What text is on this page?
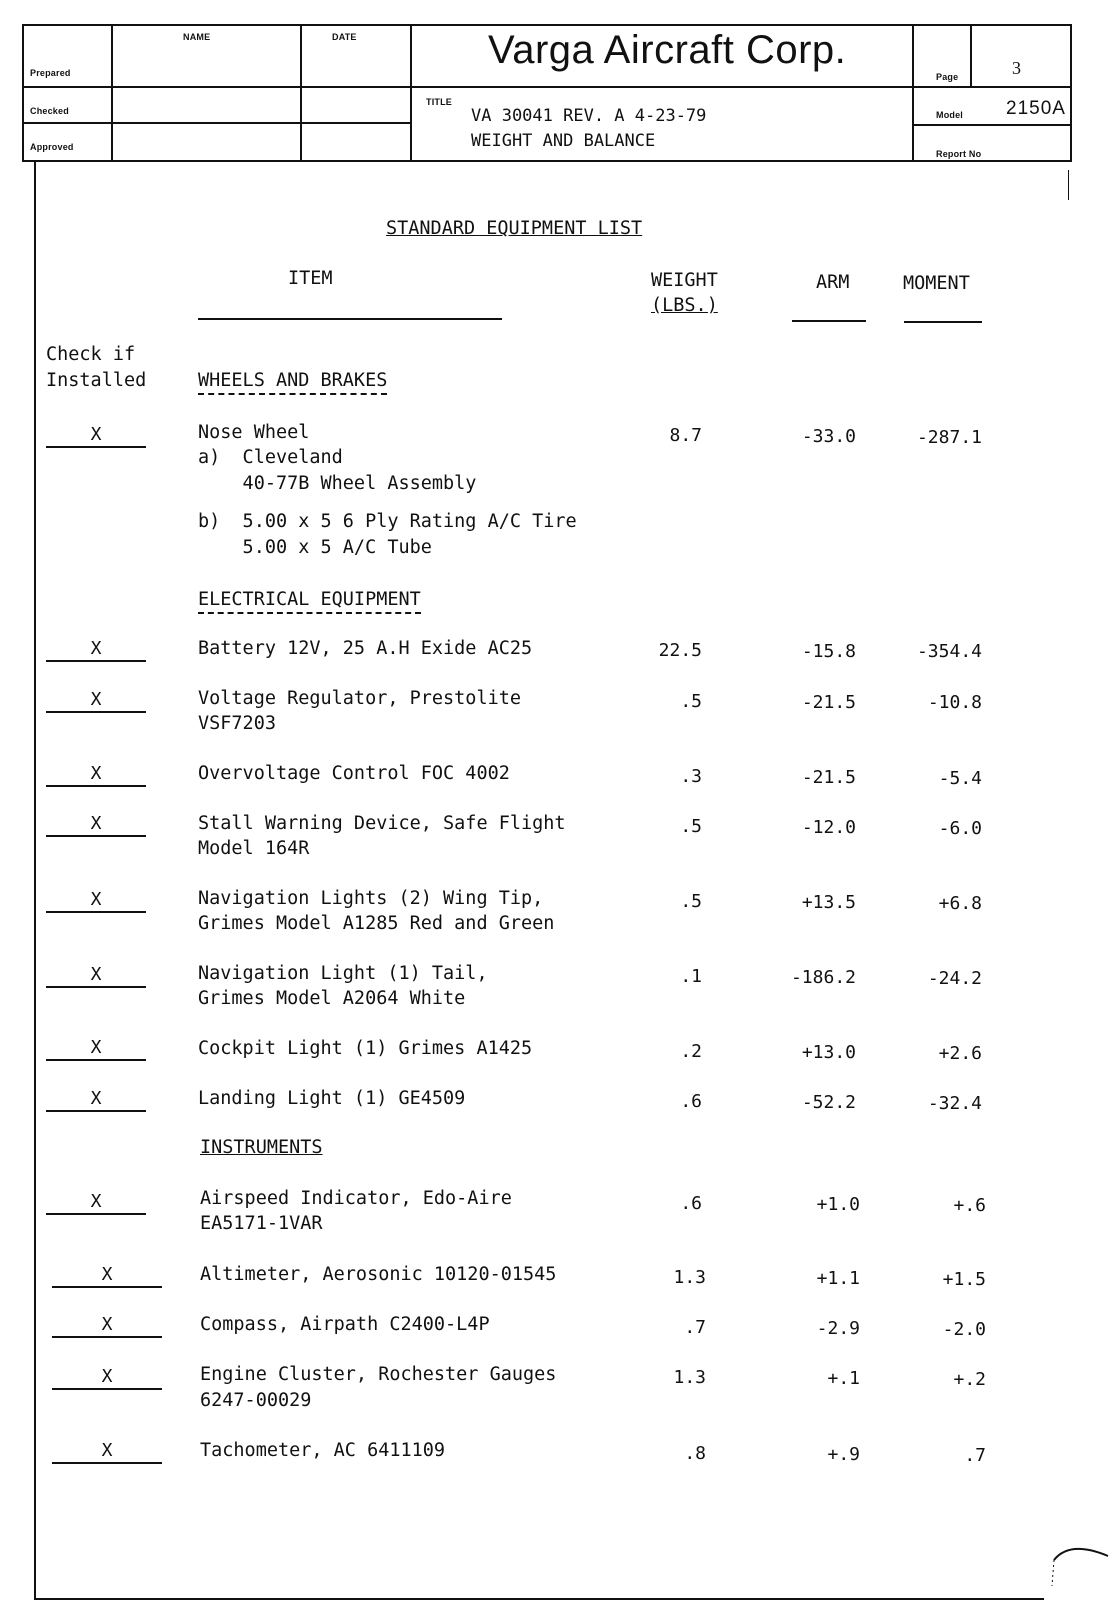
NAME	DATE
Prepared
Checked
Approved
Varga Aircraft Corp.
Page	3
TITLE
VA 30041 REV. A 4-23-79
WEIGHT AND BALANCE
Model 2150A
Report No
STANDARD EQUIPMENT LIST
ITEM	WEIGHT
(LBS.)
ARM	MOMENT
Check if
Installed	WHEELS AND BRAKES
X	Nose Wheel
a)  Cleveland
40-77B Wheel Assembly
b)  5.00 x 5 6 Ply Rating A/C Tire
5.00 x 5 A/C Tube
8.7	-33.0	-287.1
ELECTRICAL EQUIPMENT
X	Battery 12V, 25 A.H Exide AC25	22.5	-15.8	-354.4
X	Voltage Regulator, Prestolite
VSF7203
.5	-21.5	-10.8
X	Overvoltage Control FOC 4002	.3	-21.5	-5.4
X	Stall Warning Device, Safe Flight
Model 164R
.5	-12.0	-6.0
X	Navigation Lights (2) Wing Tip,
Grimes Model A1285 Red and Green
.5	+13.5	+6.8
X	Navigation Light (1) Tail,
Grimes Model A2064 White
.1	-186.2	-24.2
X	Cockpit Light (1) Grimes A1425	.2	+13.0	+2.6
X	Landing Light (1) GE4509	.6	-52.2	-32.4
INSTRUMENTS
X	Airspeed Indicator, Edo-Aire
EA5171-1VAR
.6	+1.0	+.6
X	Altimeter, Aerosonic 10120-01545	1.3	+1.1	+1.5
X	Compass, Airpath C2400-L4P	.7	-2.9	-2.0
X	Engine Cluster, Rochester Gauges
6247-00029
1.3	+.1	+.2
X	Tachometer, AC 6411109	.8	+.9	.7
